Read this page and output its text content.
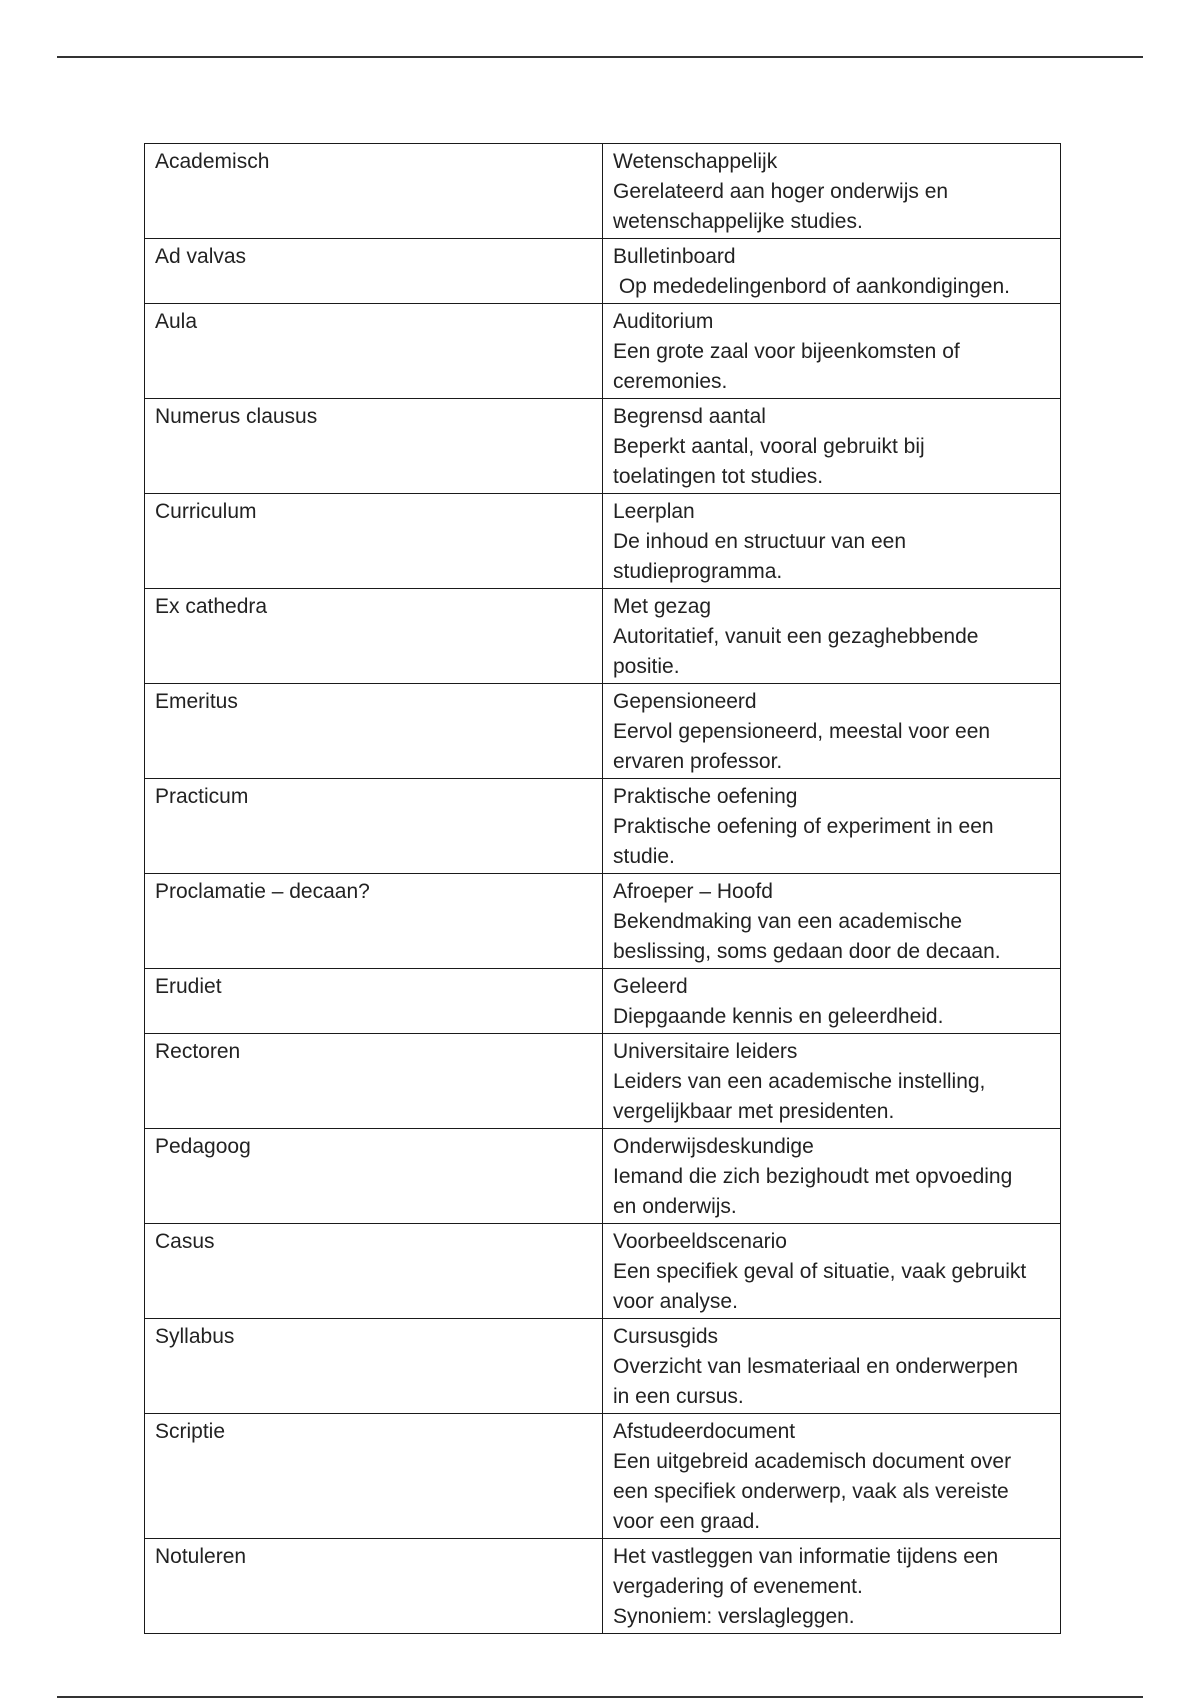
Academisch	Wetenschappelijk
Gerelateerd aan hoger onderwijs en
wetenschappelijke studies.

Ad valvas	Bulletinboard
Op mededelingenbord of aankondigingen.

Aula	Auditorium
Een grote zaal voor bijeenkomsten of
ceremonies.

Numerus clausus	Begrensd aantal
Beperkt aantal, vooral gebruikt bij
toelatingen tot studies.

Curriculum	Leerplan
De inhoud en structuur van een
studieprogramma.

Ex cathedra	Met gezag
Autoritatief, vanuit een gezaghebbende
positie.

Emeritus	Gepensioneerd
Eervol gepensioneerd, meestal voor een
ervaren professor.

Practicum	Praktische oefening
Praktische oefening of experiment in een
studie.

Proclamatie – decaan?	Afroeper – Hoofd
Bekendmaking van een academische
beslissing, soms gedaan door de decaan.

Erudiet	Geleerd
Diepgaande kennis en geleerdheid.

Rectoren	Universitaire leiders
Leiders van een academische instelling,
vergelijkbaar met presidenten.

Pedagoog	Onderwijsdeskundige
Iemand die zich bezighoudt met opvoeding
en onderwijs.

Casus	Voorbeeldscenario
Een specifiek geval of situatie, vaak gebruikt
voor analyse.

Syllabus	Cursusgids
Overzicht van lesmateriaal en onderwerpen
in een cursus.

Scriptie	Afstudeerdocument
Een uitgebreid academisch document over
een specifiek onderwerp, vaak als vereiste
voor een graad.

Notuleren	Het vastleggen van informatie tijdens een
vergadering of evenement.
Synoniem: verslagleggen.
